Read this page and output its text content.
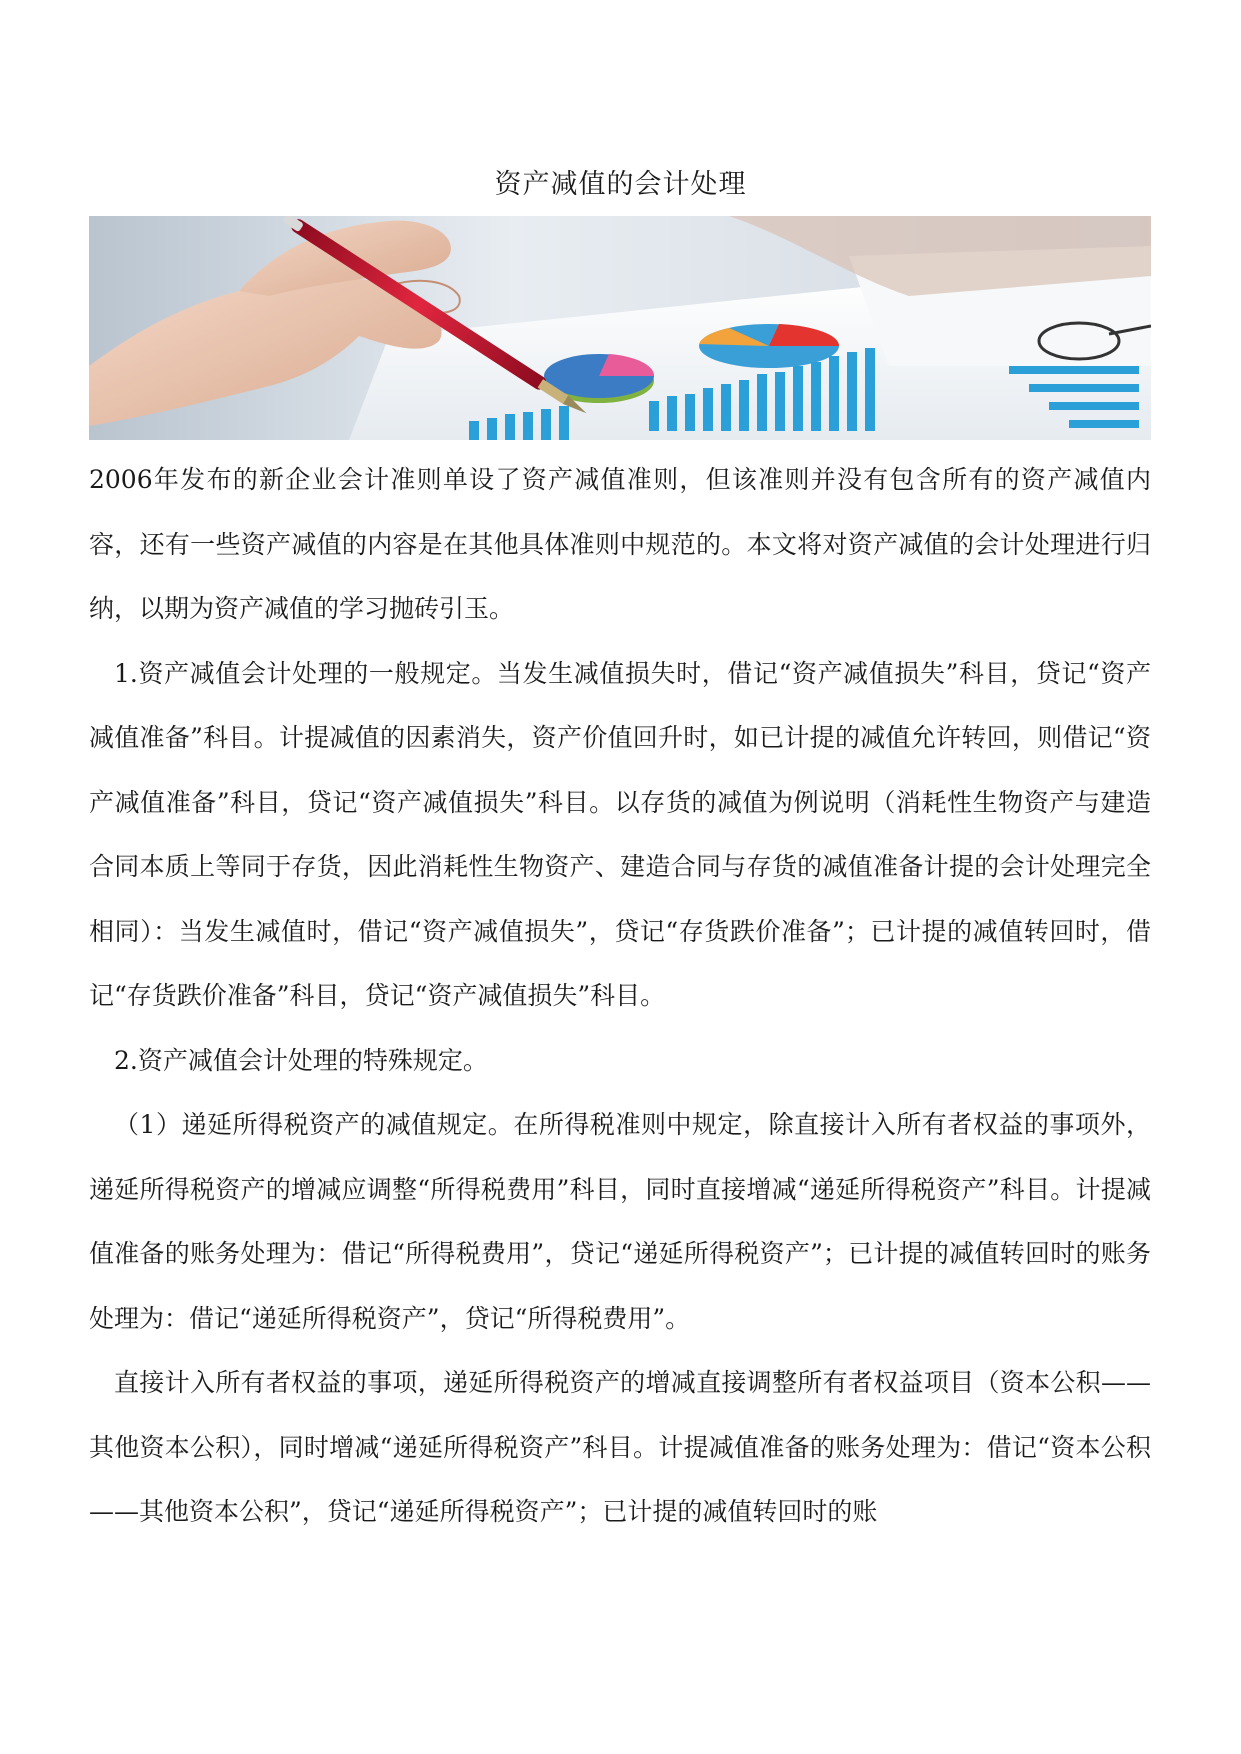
资产减值的会计处理

2006年发布的新企业会计准则单设了资产减值准则，但该准则并没有包含所有的资产减值内容，还有一些资产减值的内容是在其他具体准则中规范的。本文将对资产减值的会计处理进行归纳，以期为资产减值的学习抛砖引玉。

1.资产减值会计处理的一般规定。当发生减值损失时，借记“资产减值损失”科目，贷记“资产减值准备”科目。计提减值的因素消失，资产价值回升时，如已计提的减值允许转回，则借记“资产减值准备”科目，贷记“资产减值损失”科目。以存货的减值为例说明（消耗性生物资产与建造合同本质上等同于存货，因此消耗性生物资产、建造合同与存货的减值准备计提的会计处理完全相同）：当发生减值时，借记“资产减值损失”，贷记“存货跌价准备”；已计提的减值转回时，借记“存货跌价准备”科目，贷记“资产减值损失”科目。

2.资产减值会计处理的特殊规定。

（1）递延所得税资产的减值规定。在所得税准则中规定，除直接计入所有者权益的事项外，递延所得税资产的增减应调整“所得税费用”科目，同时直接增减“递延所得税资产”科目。计提减值准备的账务处理为：借记“所得税费用”，贷记“递延所得税资产”；已计提的减值转回时的账务处理为：借记“递延所得税资产”，贷记“所得税费用”。

直接计入所有者权益的事项，递延所得税资产的增减直接调整所有者权益项目（资本公积——其他资本公积），同时增减“递延所得税资产”科目。计提减值准备的账务处理为：借记“资本公积——其他资本公积”，贷记“递延所得税资产”；已计提的减值转回时的账
